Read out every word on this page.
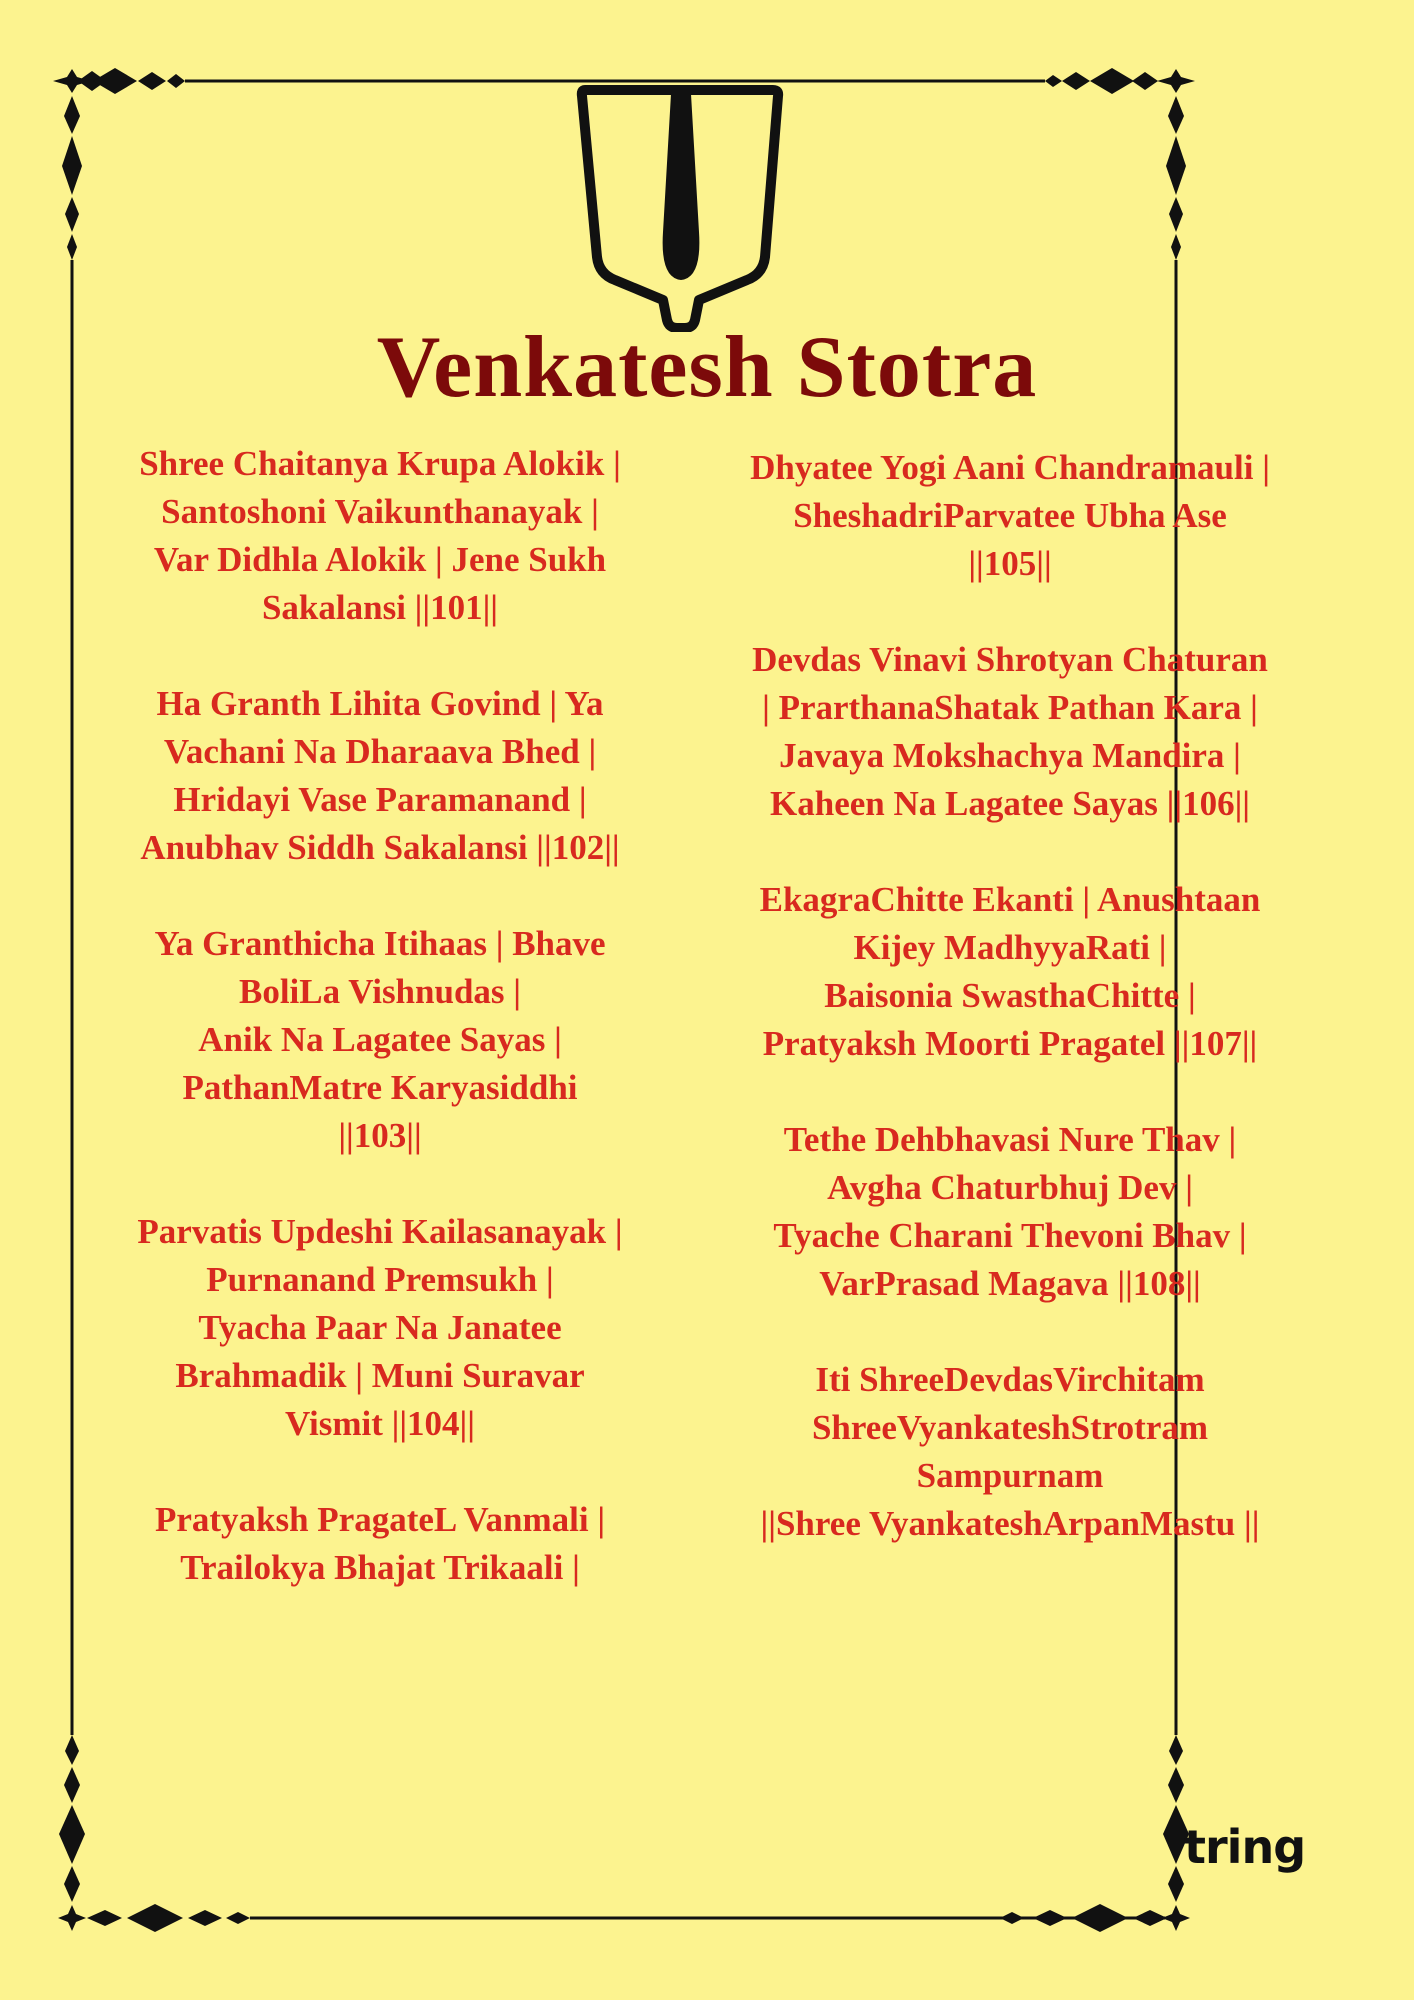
Venkatesh Stotra
Shree Chaitanya Krupa Alokik |
Santoshoni Vaikunthanayak |
Var Didhla Alokik | Jene Sukh
Sakalansi ||101||
Ha Granth Lihita Govind | Ya
Vachani Na Dharaava Bhed |
Hridayi Vase Paramanand |
Anubhav Siddh Sakalansi ||102||
Ya Granthicha Itihaas | Bhave
BoliLa Vishnudas |
Anik Na Lagatee Sayas |
PathanMatre Karyasiddhi
||103||
Parvatis Updeshi Kailasanayak |
Purnanand Premsukh |
Tyacha Paar Na Janatee
Brahmadik | Muni Suravar
Vismit ||104||
Pratyaksh PragateL Vanmali |
Trailokya Bhajat Trikaali |
Dhyatee Yogi Aani Chandramauli |
SheshadriParvatee Ubha Ase
||105||
Devdas Vinavi Shrotyan Chaturan
| PrarthanaShatak Pathan Kara |
Javaya Mokshachya Mandira |
Kaheen Na Lagatee Sayas ||106||
EkagraChitte Ekanti | Anushtaan
Kijey MadhyyaRati |
Baisonia SwasthaChitte |
Pratyaksh Moorti Pragatel ||107||
Tethe Dehbhavasi Nure Thav |
Avgha Chaturbhuj Dev |
Tyache Charani Thevoni Bhav |
VarPrasad Magava ||108||
Iti ShreeDevdasVirchitam
ShreeVyankateshStrotram
Sampurnam
||Shree VyankateshArpanMastu ||
tring
